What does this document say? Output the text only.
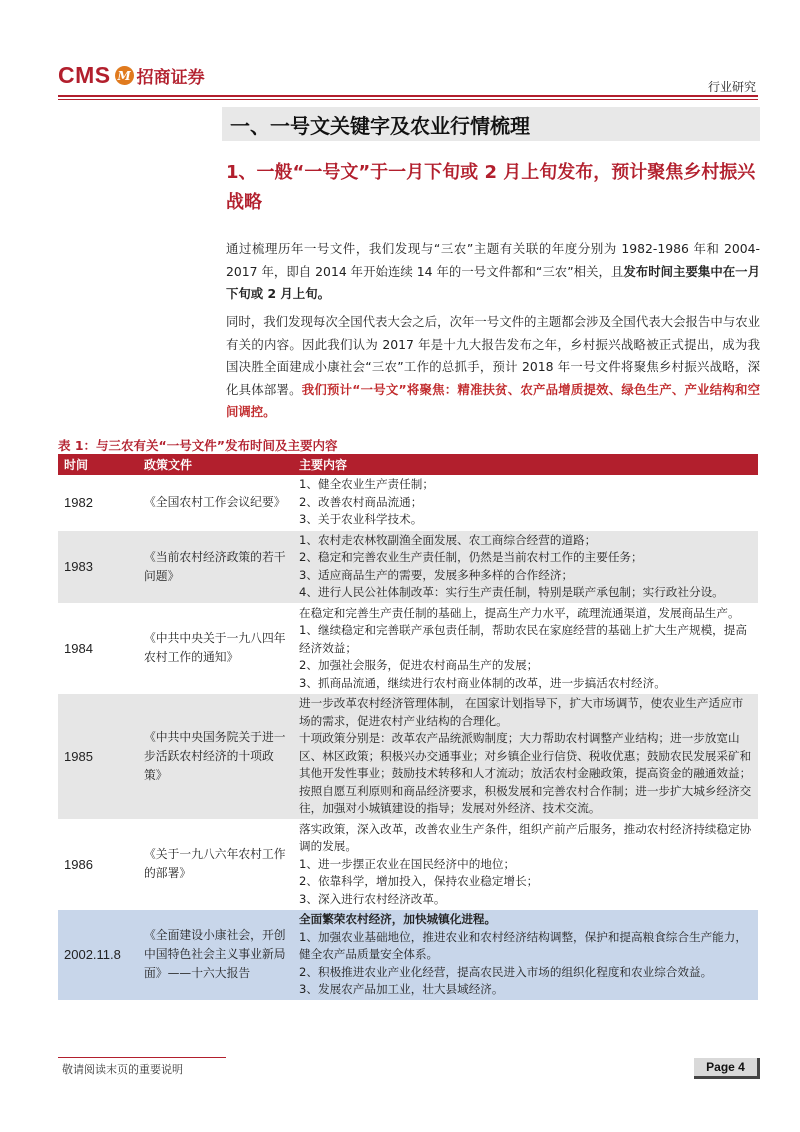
CMS M 招商证券	行业研究
一、一号文关键字及农业行情梳理
1、一般“一号文”于一月下旬或 2 月上旬发布，预计聚焦乡村振兴战略
通过梳理历年一号文件，我们发现与“三农”主题有关联的年度分别为 1982-1986 年和 2004-2017 年，即自 2014 年开始连续 14 年的一号文件都和“三农”相关，且发布时间主要集中在一月下旬或 2 月上旬。
同时，我们发现每次全国代表大会之后，次年一号文件的主题都会涉及全国代表大会报告中与农业有关的内容。因此我们认为 2017 年是十九大报告发布之年，乡村振兴战略被正式提出，成为我国决胜全面建成小康社会“三农”工作的总抓手，预计 2018 年一号文件将聚焦乡村振兴战略，深化具体部署。我们预计“一号文”将聚焦：精准扶贫、农产品增质提效、绿色生产、产业结构和空间调控。
表 1：与三农有关“一号文件”发布时间及主要内容
时间	政策文件	主要内容
1982	《全国农村工作会议纪要》	1、健全农业生产责任制；
2、改善农村商品流通；
3、关于农业科学技术。

1983	《当前农村经济政策的若干问题》	1、农村走农林牧副渔全面发展、农工商综合经营的道路；
2、稳定和完善农业生产责任制，仍然是当前农村工作的主要任务；
3、适应商品生产的需要，发展多种多样的合作经济；
4、进行人民公社体制改革：实行生产责任制，特别是联产承包制；实行政社分设。

1984	《中共中央关于一九八四年农村工作的通知》	在稳定和完善生产责任制的基础上，提高生产力水平，疏理流通渠道，发展商品生产。
1、继续稳定和完善联产承包责任制，帮助农民在家庭经营的基础上扩大生产规模，提高经济效益；
2、加强社会服务，促进农村商品生产的发展；
3、抓商品流通，继续进行农村商业体制的改革，进一步搞活农村经济。

1985	《中共中央国务院关于进一步活跃农村经济的十项政策》	进一步改革农村经济管理体制， 在国家计划指导下，扩大市场调节，使农业生产适应市场的需求，促进农村产业结构的合理化。
十项政策分别是：改革农产品统派购制度；大力帮助农村调整产业结构；进一步放宽山区、林区政策；积极兴办交通事业；对乡镇企业行信贷、税收优惠；鼓励农民发展采矿和其他开发性事业；鼓励技术转移和人才流动；放活农村金融政策，提高资金的融通效益；按照自愿互利原则和商品经济要求，积极发展和完善农村合作制；进一步扩大城乡经济交往，加强对小城镇建设的指导；发展对外经济、技术交流。

1986	《关于一九八六年农村工作的部署》	落实政策，深入改革，改善农业生产条件，组织产前产后服务，推动农村经济持续稳定协调的发展。
1、进一步摆正农业在国民经济中的地位；
2、依靠科学，增加投入，保持农业稳定增长；
3、深入进行农村经济改革。

2002.11.8	《全面建设小康社会，开创中国特色社会主义事业新局面》——十六大报告	全面繁荣农村经济，加快城镇化进程。
1、加强农业基础地位，推进农业和农村经济结构调整，保护和提高粮食综合生产能力，健全农产品质量安全体系。
2、积极推进农业产业化经营，提高农民进入市场的组织化程度和农业综合效益。
3、发展农产品加工业，壮大县域经济。
敬请阅读末页的重要说明	Page 4
